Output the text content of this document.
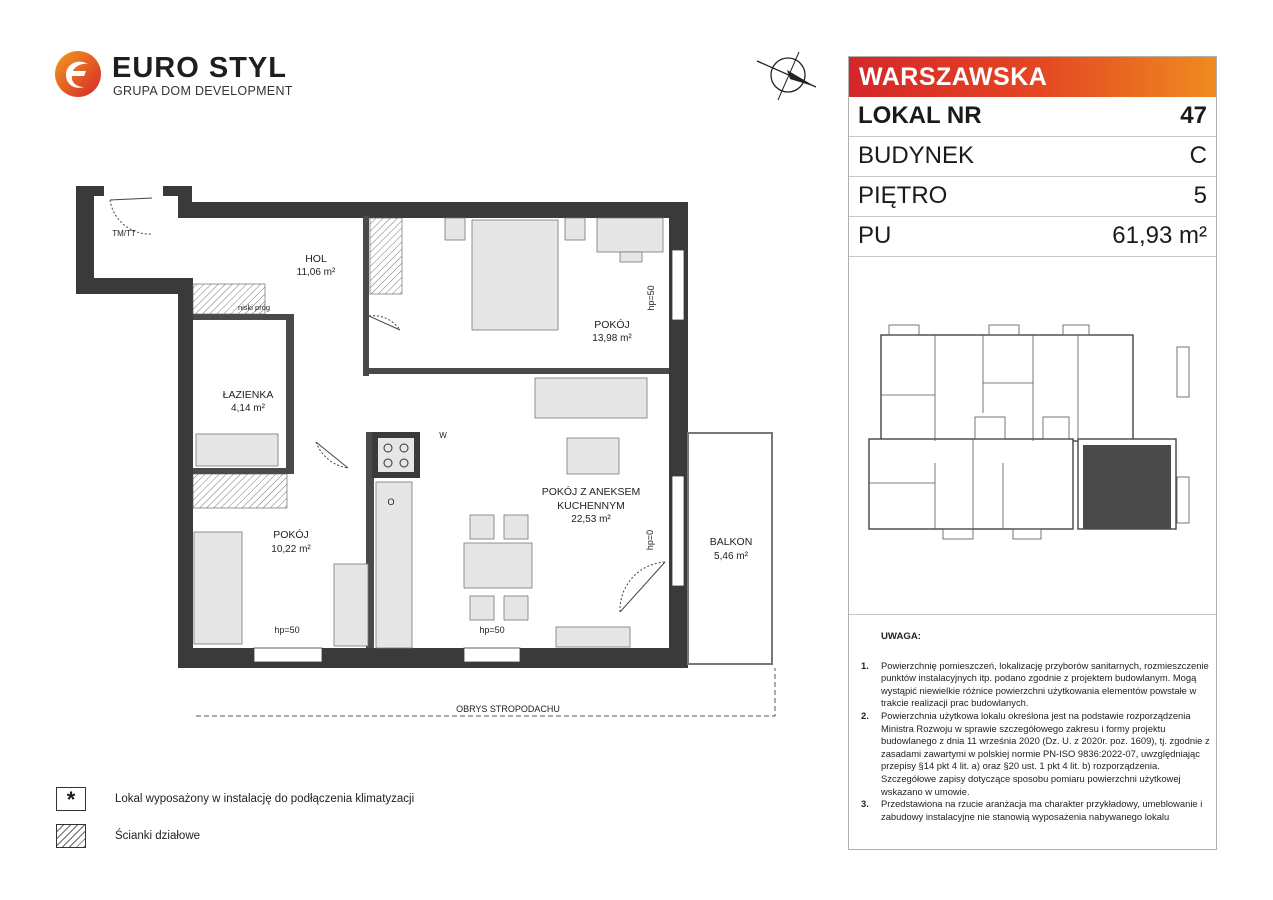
EURO STYL
GRUPA DOM DEVELOPMENT
HOL
11,06 m²
POKÓJ
13,98 m²
ŁAZIENKA
4,14 m²
POKÓJ Z ANEKSEM
KUCHENNYM
22,53 m²
POKÓJ
10,22 m²
BALKON
5,46 m²
OBRYS STROPODACHU
TM/TT
niski próg
hp=50	hp=50
W
O
hp=50
hp=0
WARSZAWSKA
LOKAL NR	47
BUDYNEK	C
PIĘTRO	5
PU	61,93 m²
UWAGA:
1. Powierzchnię pomieszczeń, lokalizację przyborów sanitarnych, rozmieszczenie punktów instalacyjnych itp. podano zgodnie z projektem budowlanym. Mogą wystąpić niewielkie różnice powierzchni użytkowania elementów powstałe w trakcie realizacji prac budowlanych.
2. Powierzchnia użytkowa lokalu określona jest na podstawie rozporządzenia Ministra Rozwoju w sprawie szczegółowego zakresu i formy projektu budowlanego z dnia 11 września 2020 (Dz. U. z 2020r. poz. 1609), tj. zgodnie z zasadami zawartymi w polskiej normie PN-ISO 9836:2022-07, uwzględniając przepisy §14 pkt 4 lit. a) oraz §20 ust. 1 pkt 4 lit. b) rozporządzenia. Szczegółowe zapisy dotyczące sposobu pomiaru powierzchni użytkowej wskazano w umowie.
3. Przedstawiona na rzucie aranżacja ma charakter przykładowy, umeblowanie i zabudowy instalacyjne nie stanowią wyposażenia nabywanego lokalu
*	Lokal wyposażony w instalację do podłączenia klimatyzacji
Ścianki działowe
